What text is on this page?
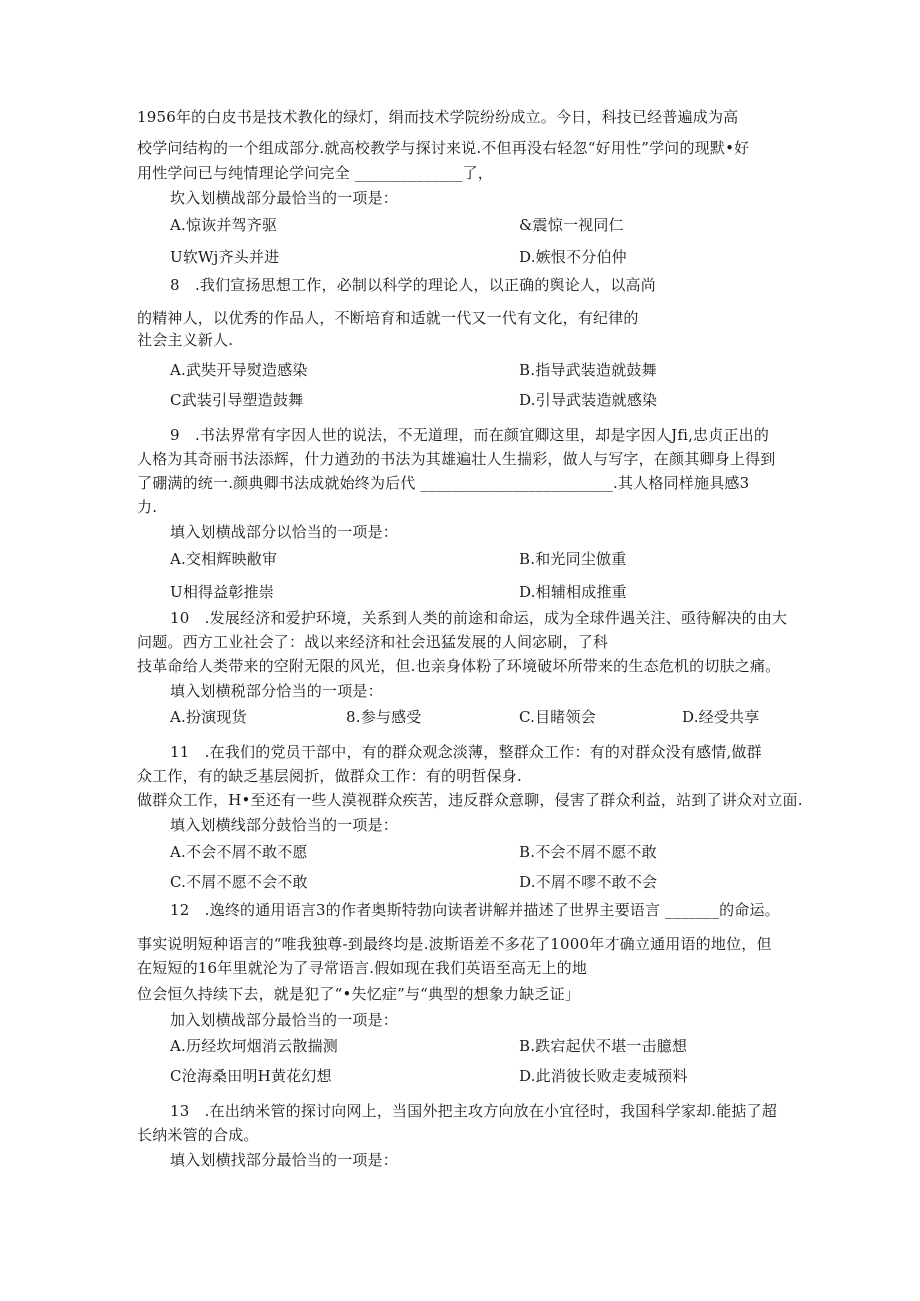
1956年的白皮书是技术教化的绿灯，绢而技术学院纷纷成立。今日，科技已经普遍成为高
校学问结构的一个组成部分.就高校教学与探讨来说.不但再没右轻忽“好用性”学问的现默•好
用性学问已与纯情理论学问完全 ______________了，
坎入划横战部分最恰当的一项是：
A.惊诙并驾齐驱	&震惊一视同仁
U软Wj齐头并进	D.嫉恨不分伯仲
8　.我们宣扬思想工作，必制以科学的理论人，以正确的舆论人，以高尚
的精神人，以优秀的作品人，不断培育和适就一代又一代有文化，有纪律的
社会主义新人.
A.武奘开导熨造感染	B.指导武装造就鼓舞
C武装引导塑造鼓舞	D.引导武装造就感染
9　.书法界常有字因人世的说法，不无道理，而在颜宜卿这里，却是字因人Jfi,忠贞正出的
人格为其奇丽书法添辉，什力遒劲的书法为其雄遍壮人生揣彩，做人与写字，在颜其卿身上得到
了硼满的统一.颜典卿书法成就始终为后代 _________________________.其人格同样施具感3
力.
填入划横战部分以恰当的一项是：
A.交相辉映敝审	B.和光同尘倣重
U相得益彰推崇	D.相辅相成推重
10　.发展经济和爱护环境，关系到人类的前途和命运，成为全球件遇关注、亟待解决的由大
问题。西方工业社会了：战以来经济和社会迅猛发展的人间宓刷，了科
技革命给人类带来的空附无限的风光，但.也亲身体粉了环境破坏所带来的生态危机的切肤之痛。
填入划横税部分恰当的一项是：
A.扮演现货	8.参与感受	C.目睹领会	D.经受共享
11　.在我们的党员干部中，有的群众观念淡薄，整群众工作：有的对群众没有感情,做群
众工作，有的缺乏基层阅折，做群众工作：有的明哲保身.
做群众工作，H•至还有一些人漠视群众疾苦，违反群众意聊，侵害了群众利益，站到了讲众对立面.
填入划横线部分鼓恰当的一项是：
A.不会不屑不敢不愿	B.不会不屑不愿不敢
C.不屑不愿不会不敢	D.不屑不嘐不敢不会
12　.逸终的通用语言3的作者奥斯特勃向读者讲解并描述了世界主要语言 _______的命运。
事实说明短种语言的“唯我独尊-到最终均是.波斯语差不多花了1000年才确立通用语的地位，但
在短短的16年里就沦为了寻常语言.假如现在我们英语至高无上的地
位会恒久持续下去，就是犯了“•失忆症”与“典型的想象力缺乏证」
加入划横战部分最恰当的一项是：
A.历经坎坷烟消云散揣测	B.跌宕起伏不堪一击臆想
C沧海桑田明H黄花幻想	D.此消彼长败走麦城预料
13　.在出纳米管的探讨向网上，当国外把主攻方向放在小宜径时，我国科学家却.能掂了超
长纳米管的合成。
填入划横找部分最恰当的一项是：
